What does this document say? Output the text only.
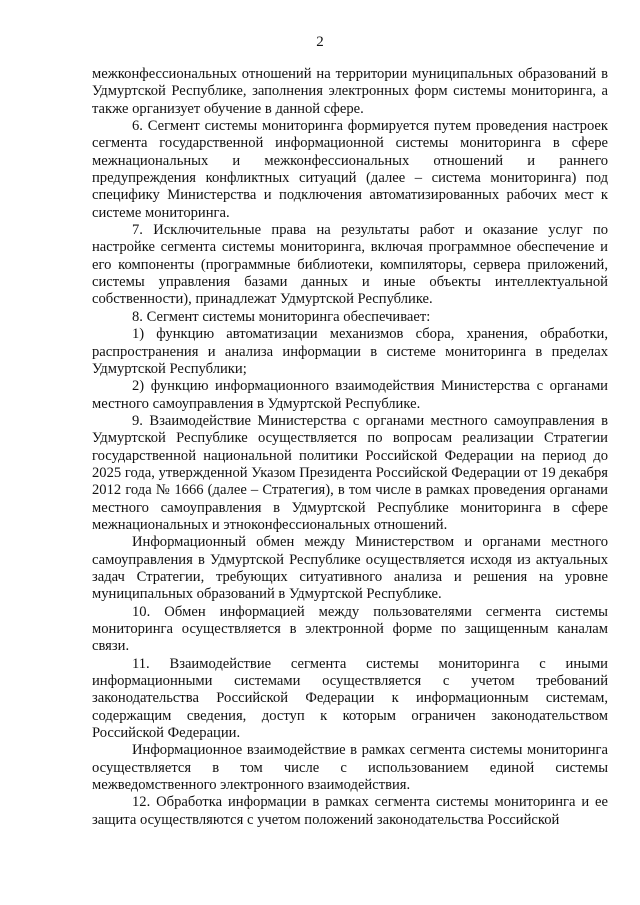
2

межконфессиональных отношений на территории муниципальных образований в Удмуртской Республике, заполнения электронных форм системы мониторинга, а также организует обучение в данной сфере.

6. Сегмент системы мониторинга формируется путем проведения настроек сегмента государственной информационной системы мониторинга в сфере межнациональных и межконфессиональных отношений и раннего предупреждения конфликтных ситуаций (далее – система мониторинга) под специфику Министерства и подключения автоматизированных рабочих мест к системе мониторинга.

7. Исключительные права на результаты работ и оказание услуг по настройке сегмента системы мониторинга, включая программное обеспечение и его компоненты (программные библиотеки, компиляторы, сервера приложений, системы управления базами данных и иные объекты интеллектуальной собственности), принадлежат Удмуртской Республике.

8. Сегмент системы мониторинга обеспечивает:

1) функцию автоматизации механизмов сбора, хранения, обработки, распространения и анализа информации в системе мониторинга в пределах Удмуртской Республики;

2) функцию информационного взаимодействия Министерства с органами местного самоуправления в Удмуртской Республике.

9. Взаимодействие Министерства с органами местного самоуправления в Удмуртской Республике осуществляется по вопросам реализации Стратегии государственной национальной политики Российской Федерации на период до 2025 года, утвержденной Указом Президента Российской Федерации от 19 декабря 2012 года № 1666 (далее – Стратегия), в том числе в рамках проведения органами местного самоуправления в Удмуртской Республике мониторинга в сфере межнациональных и этноконфессиональных отношений.

Информационный обмен между Министерством и органами местного самоуправления в Удмуртской Республике осуществляется исходя из актуальных задач Стратегии, требующих ситуативного анализа и решения на уровне муниципальных образований в Удмуртской Республике.

10. Обмен информацией между пользователями сегмента системы мониторинга осуществляется в электронной форме по защищенным каналам связи.

11. Взаимодействие сегмента системы мониторинга с иными информационными системами осуществляется с учетом требований законодательства Российской Федерации к информационным системам, содержащим сведения, доступ к которым ограничен законодательством Российской Федерации.

Информационное взаимодействие в рамках сегмента системы мониторинга осуществляется в том числе с использованием единой системы межведомственного электронного взаимодействия.

12. Обработка информации в рамках сегмента системы мониторинга и ее защита осуществляются с учетом положений законодательства Российской
